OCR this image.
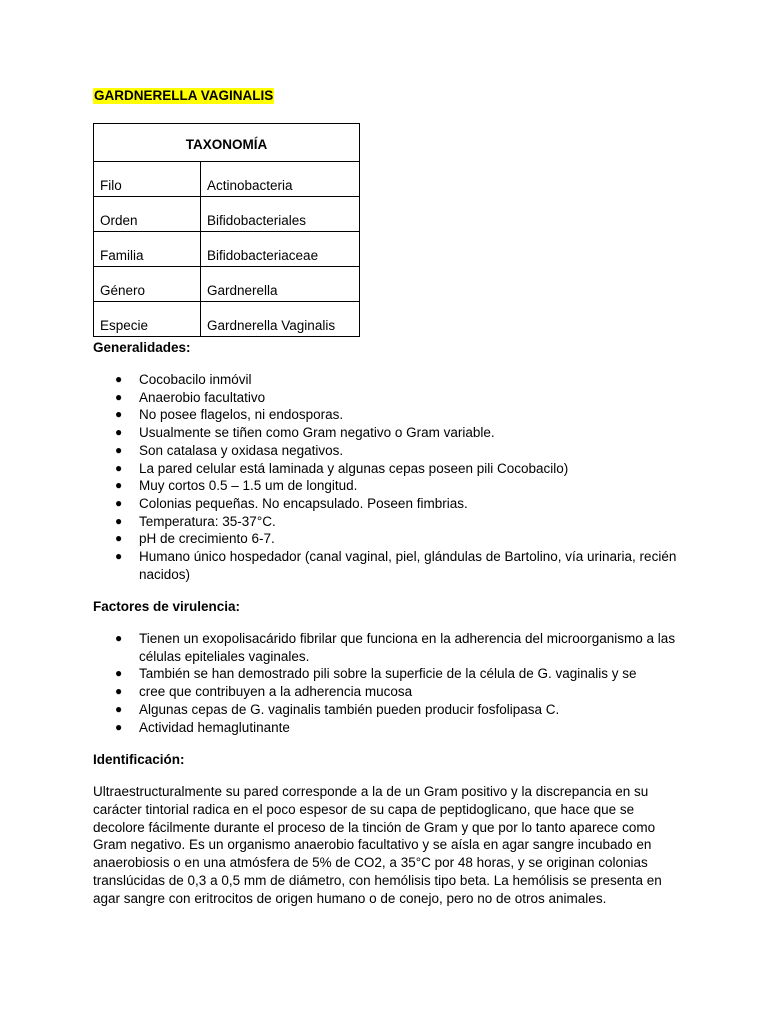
GARDNERELLA VAGINALIS
TAXONOMÍA	
Filo	Actinobacteria
Orden	Bifidobacteriales
Familia	Bifidobacteriaceae
Género	Gardnerella
Especie	Gardnerella Vaginalis
Generalidades:
● Cocobacilo inmóvil
● Anaerobio facultativo
● No posee flagelos, ni endosporas.
● Usualmente se tiñen como Gram negativo o Gram variable.
● Son catalasa y oxidasa negativos.
● La pared celular está laminada y algunas cepas poseen pili Cocobacilo)
● Muy cortos 0.5 – 1.5 um de longitud.
● Colonias pequeñas. No encapsulado. Poseen fimbrias.
● Temperatura: 35-37°C.
● pH de crecimiento 6-7.
● Humano único hospedador (canal vaginal, piel, glándulas de Bartolino, vía urinaria, recién nacidos)
Factores de virulencia:
● Tienen un exopolisacárido fibrilar que funciona en la adherencia del microorganismo a las células epiteliales vaginales.
● También se han demostrado pili sobre la superficie de la célula de G. vaginalis y se
● cree que contribuyen a la adherencia mucosa
● Algunas cepas de G. vaginalis también pueden producir fosfolipasa C.
● Actividad hemaglutinante
Identificación:

Ultraestructuralmente su pared corresponde a la de un Gram positivo y la discrepancia en su carácter tintorial radica en el poco espesor de su capa de peptidoglicano, que hace que se decolore fácilmente durante el proceso de la tinción de Gram y que por lo tanto aparece como Gram negativo. Es un organismo anaerobio facultativo y se aísla en agar sangre incubado en anaerobiosis o en una atmósfera de 5% de CO2, a 35°C por 48 horas, y se originan colonias translúcidas de 0,3 a 0,5 mm de diámetro, con hemólisis tipo beta. La hemólisis se presenta en agar sangre con eritrocitos de origen humano o de conejo, pero no de otros animales.
